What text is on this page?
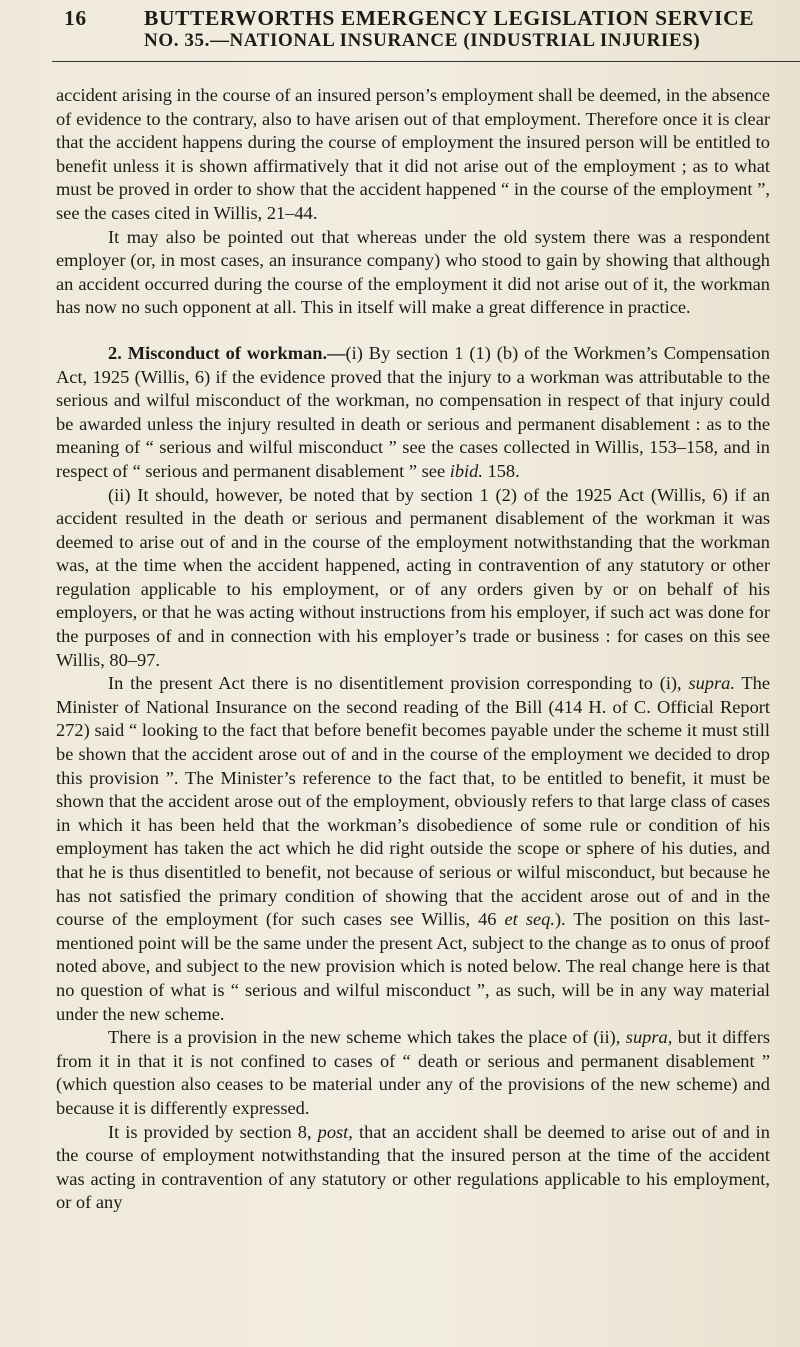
16	BUTTERWORTHS EMERGENCY LEGISLATION SERVICE
NO. 35.—NATIONAL INSURANCE (INDUSTRIAL INJURIES)

accident arising in the course of an insured person’s employment shall be deemed, in the absence of evidence to the contrary, also to have arisen out of that employment. Therefore once it is clear that the accident happens during the course of employment the insured person will be entitled to benefit unless it is shown affirmatively that it did not arise out of the employment ; as to what must be proved in order to show that the accident happened “ in the course of the employment ”, see the cases cited in Willis, 21–44.

It may also be pointed out that whereas under the old system there was a respondent employer (or, in most cases, an insurance company) who stood to gain by showing that although an accident occurred during the course of the employment it did not arise out of it, the workman has now no such opponent at all. This in itself will make a great difference in practice.

2. Misconduct of workman.—(i) By section 1 (1) (b) of the Workmen’s Compensation Act, 1925 (Willis, 6) if the evidence proved that the injury to a workman was attributable to the serious and wilful misconduct of the workman, no compensation in respect of that injury could be awarded unless the injury resulted in death or serious and permanent disablement : as to the meaning of “ serious and wilful misconduct ” see the cases collected in Willis, 153–158, and in respect of “ serious and permanent disablement ” see ibid. 158.

(ii) It should, however, be noted that by section 1 (2) of the 1925 Act (Willis, 6) if an accident resulted in the death or serious and permanent disablement of the workman it was deemed to arise out of and in the course of the employment notwithstanding that the workman was, at the time when the accident happened, acting in contravention of any statutory or other regulation applicable to his employment, or of any orders given by or on behalf of his employers, or that he was acting without instructions from his employer, if such act was done for the purposes of and in connection with his employer’s trade or business : for cases on this see Willis, 80–97.

In the present Act there is no disentitlement provision corresponding to (i), supra. The Minister of National Insurance on the second reading of the Bill (414 H. of C. Official Report 272) said “ looking to the fact that before benefit becomes payable under the scheme it must still be shown that the accident arose out of and in the course of the employment we decided to drop this provision ”. The Minister’s reference to the fact that, to be entitled to benefit, it must be shown that the accident arose out of the employment, obviously refers to that large class of cases in which it has been held that the workman’s disobedience of some rule or condition of his employment has taken the act which he did right outside the scope or sphere of his duties, and that he is thus disentitled to benefit, not because of serious or wilful misconduct, but because he has not satisfied the primary condition of showing that the accident arose out of and in the course of the employment (for such cases see Willis, 46 et seq.). The position on this last-mentioned point will be the same under the present Act, subject to the change as to onus of proof noted above, and subject to the new provision which is noted below. The real change here is that no question of what is “ serious and wilful misconduct ”, as such, will be in any way material under the new scheme.

There is a provision in the new scheme which takes the place of (ii), supra, but it differs from it in that it is not confined to cases of “ death or serious and permanent disablement ” (which question also ceases to be material under any of the provisions of the new scheme) and because it is differently expressed.

It is provided by section 8, post, that an accident shall be deemed to arise out of and in the course of employment notwithstanding that the insured person at the time of the accident was acting in contravention of any statutory or other regulations applicable to his employment, or of any
